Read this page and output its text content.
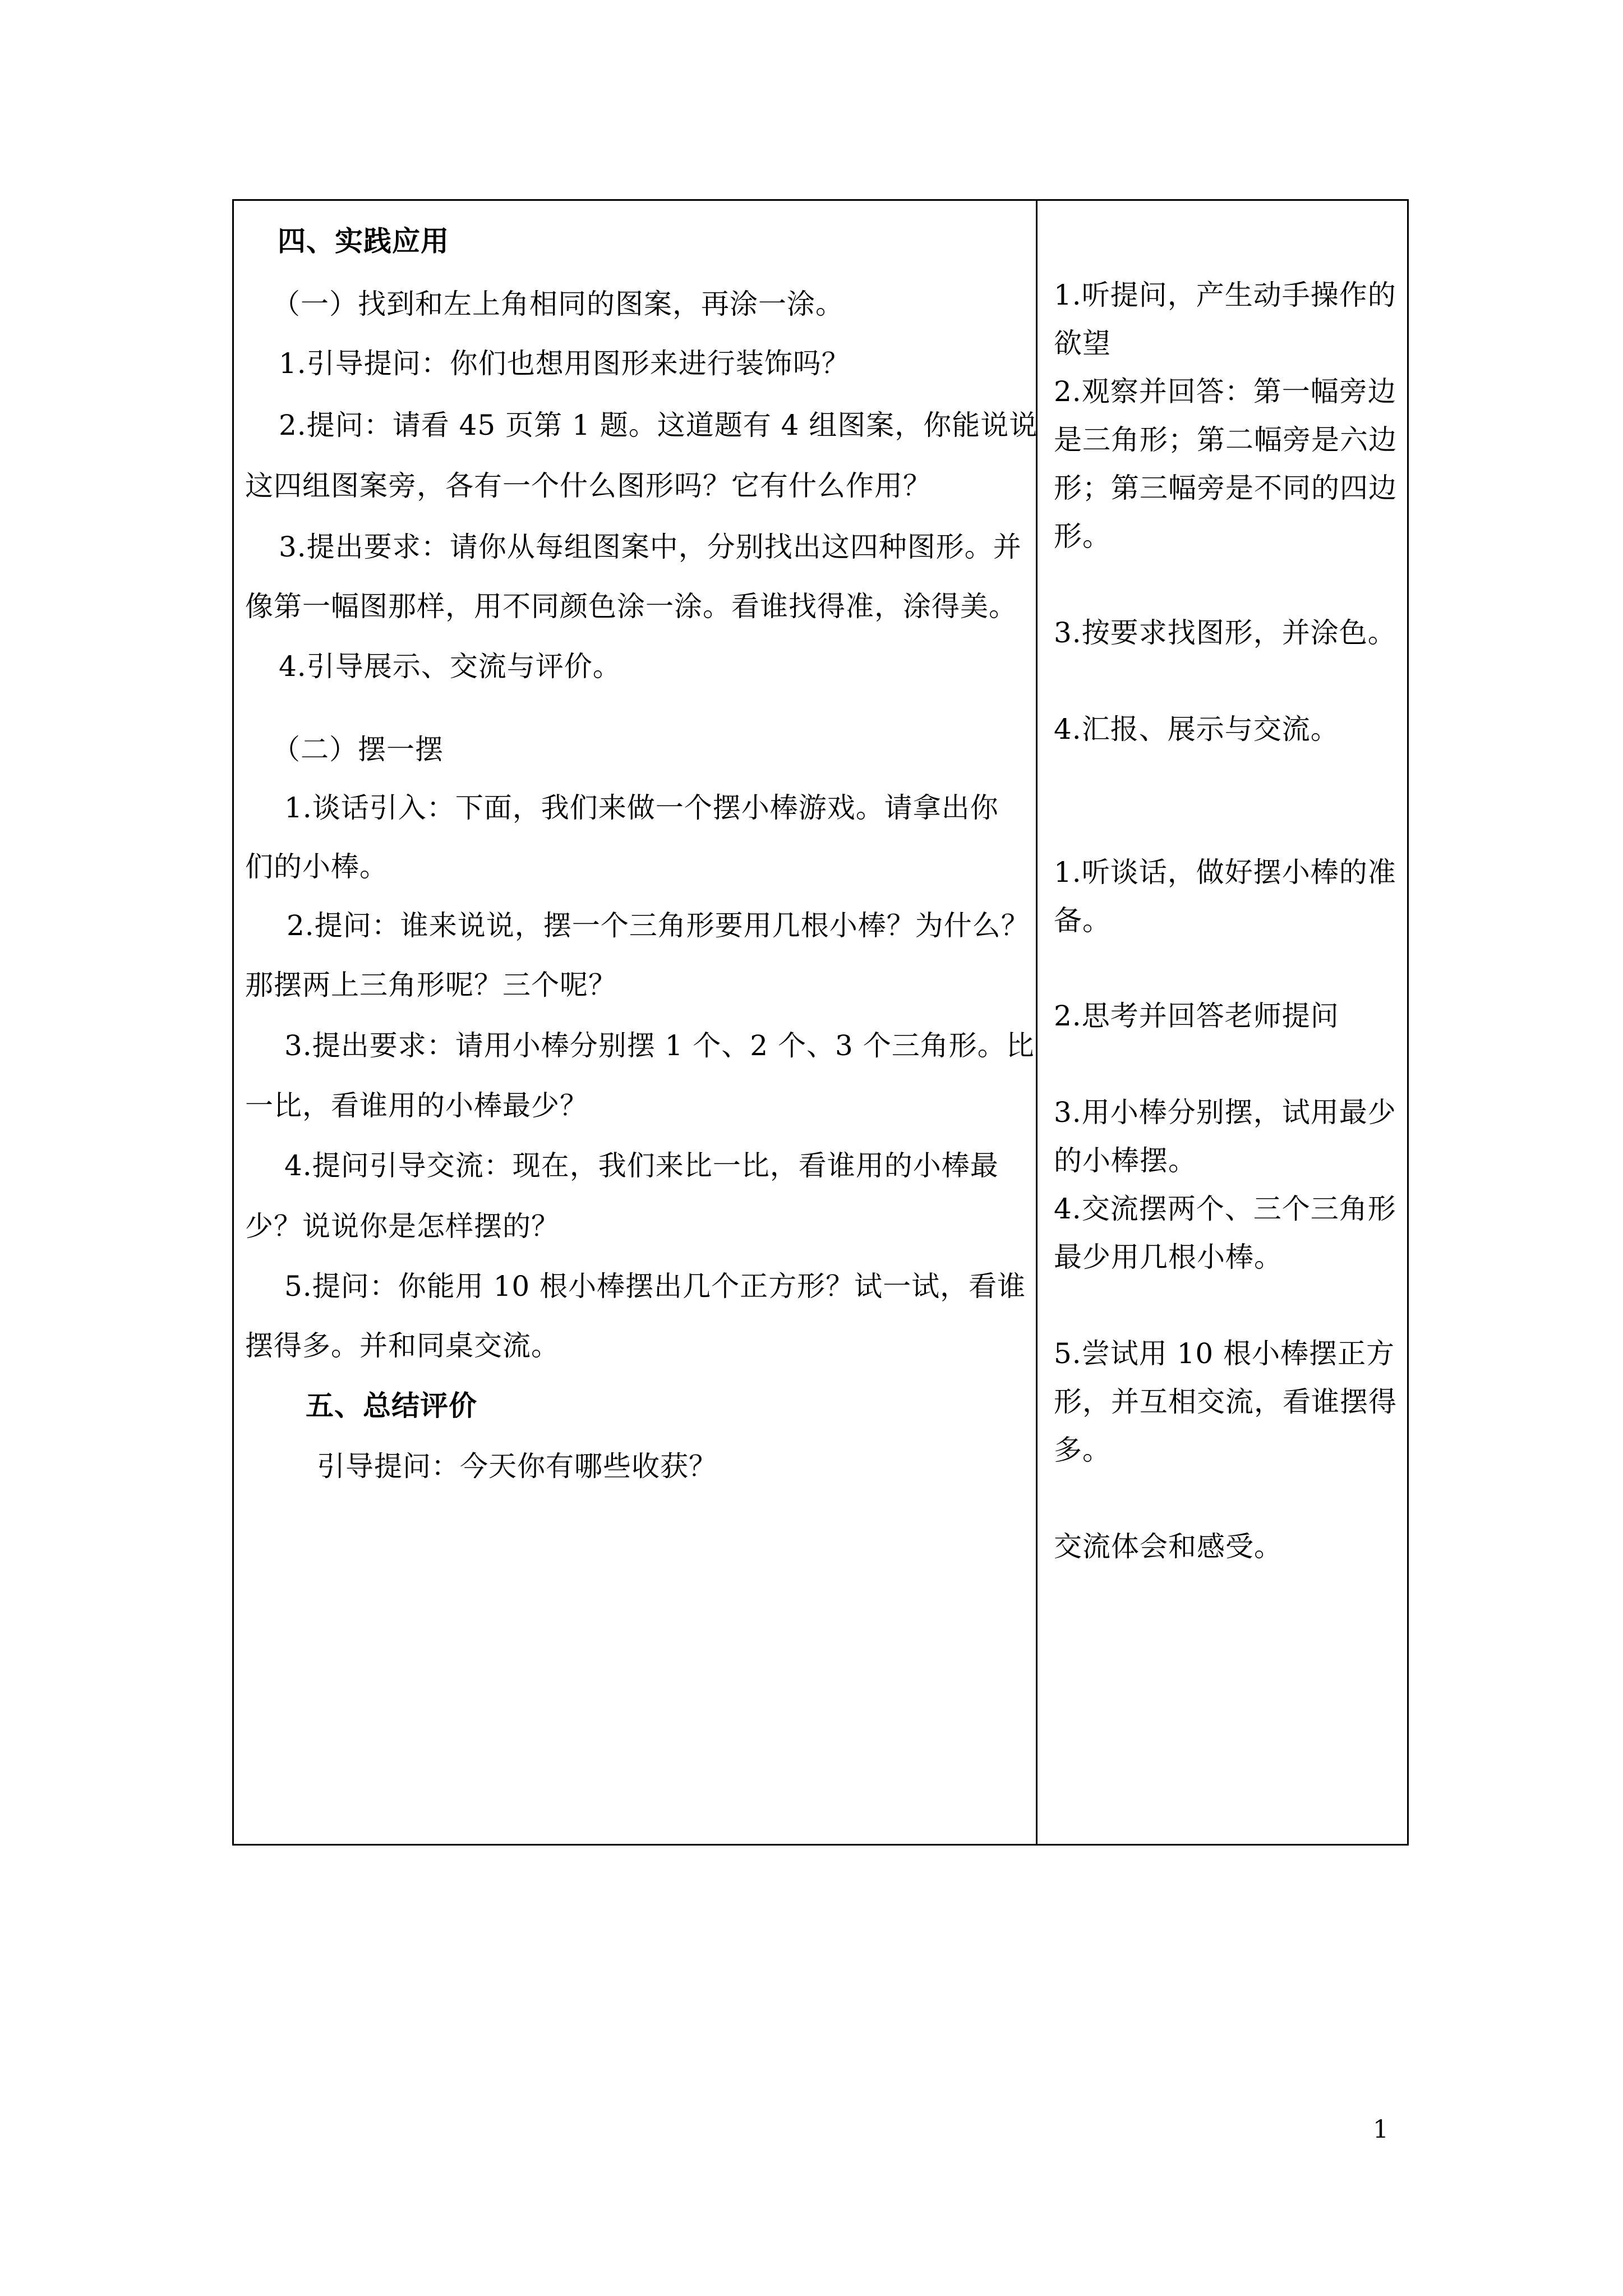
四、实践应用
（一）找到和左上角相同的图案，再涂一涂。
1.引导提问：你们也想用图形来进行装饰吗？
2.提问：请看 45 页第 1 题。这道题有 4 组图案，你能说说
这四组图案旁，各有一个什么图形吗？它有什么作用？
3.提出要求：请你从每组图案中，分别找出这四种图形。并
像第一幅图那样，用不同颜色涂一涂。看谁找得准，涂得美。
4.引导展示、交流与评价。
（二）摆一摆
1.谈话引入：下面，我们来做一个摆小棒游戏。请拿出你
们的小棒。
2.提问：谁来说说，摆一个三角形要用几根小棒？为什么？
那摆两上三角形呢？三个呢？
3.提出要求：请用小棒分别摆 1 个、2 个、3 个三角形。比
一比，看谁用的小棒最少？
4.提问引导交流：现在，我们来比一比，看谁用的小棒最
少？说说你是怎样摆的？
5.提问：你能用 10 根小棒摆出几个正方形？试一试，看谁
摆得多。并和同桌交流。
五、总结评价
引导提问：今天你有哪些收获？
1.听提问，产生动手操作的
欲望
2.观察并回答：第一幅旁边
是三角形；第二幅旁是六边
形；第三幅旁是不同的四边
形。
3.按要求找图形，并涂色。
4.汇报、展示与交流。
1.听谈话，做好摆小棒的准
备。
2.思考并回答老师提问
3.用小棒分别摆，试用最少
的小棒摆。
4.交流摆两个、三个三角形
最少用几根小棒。
5.尝试用 10 根小棒摆正方
形，并互相交流，看谁摆得
多。
交流体会和感受。
1
